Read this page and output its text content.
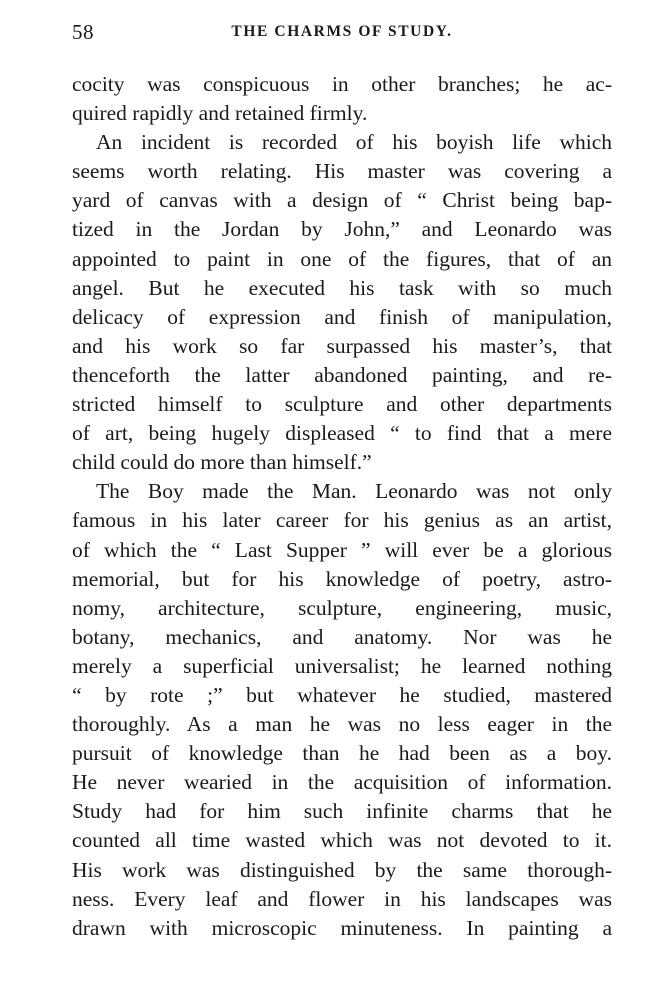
58	THE CHARMS OF STUDY.
cocity was conspicuous in other branches; he ac-
quired rapidly and retained firmly.
An incident is recorded of his boyish life which
seems worth relating. His master was covering a
yard of canvas with a design of “ Christ being bap-
tized in the Jordan by John,” and Leonardo was
appointed to paint in one of the figures, that of an
angel. But he executed his task with so much
delicacy of expression and finish of manipulation,
and his work so far surpassed his master’s, that
thenceforth the latter abandoned painting, and re-
stricted himself to sculpture and other departments
of art, being hugely displeased “ to find that a mere
child could do more than himself.”
The Boy made the Man. Leonardo was not only
famous in his later career for his genius as an artist,
of which the “ Last Supper ” will ever be a glorious
memorial, but for his knowledge of poetry, astro-
nomy, architecture, sculpture, engineering, music,
botany, mechanics, and anatomy. Nor was he
merely a superficial universalist; he learned nothing
“ by rote ;” but whatever he studied, mastered
thoroughly. As a man he was no less eager in the
pursuit of knowledge than he had been as a boy.
He never wearied in the acquisition of information.
Study had for him such infinite charms that he
counted all time wasted which was not devoted to it.
His work was distinguished by the same thorough-
ness. Every leaf and flower in his landscapes was
drawn with microscopic minuteness. In painting a
